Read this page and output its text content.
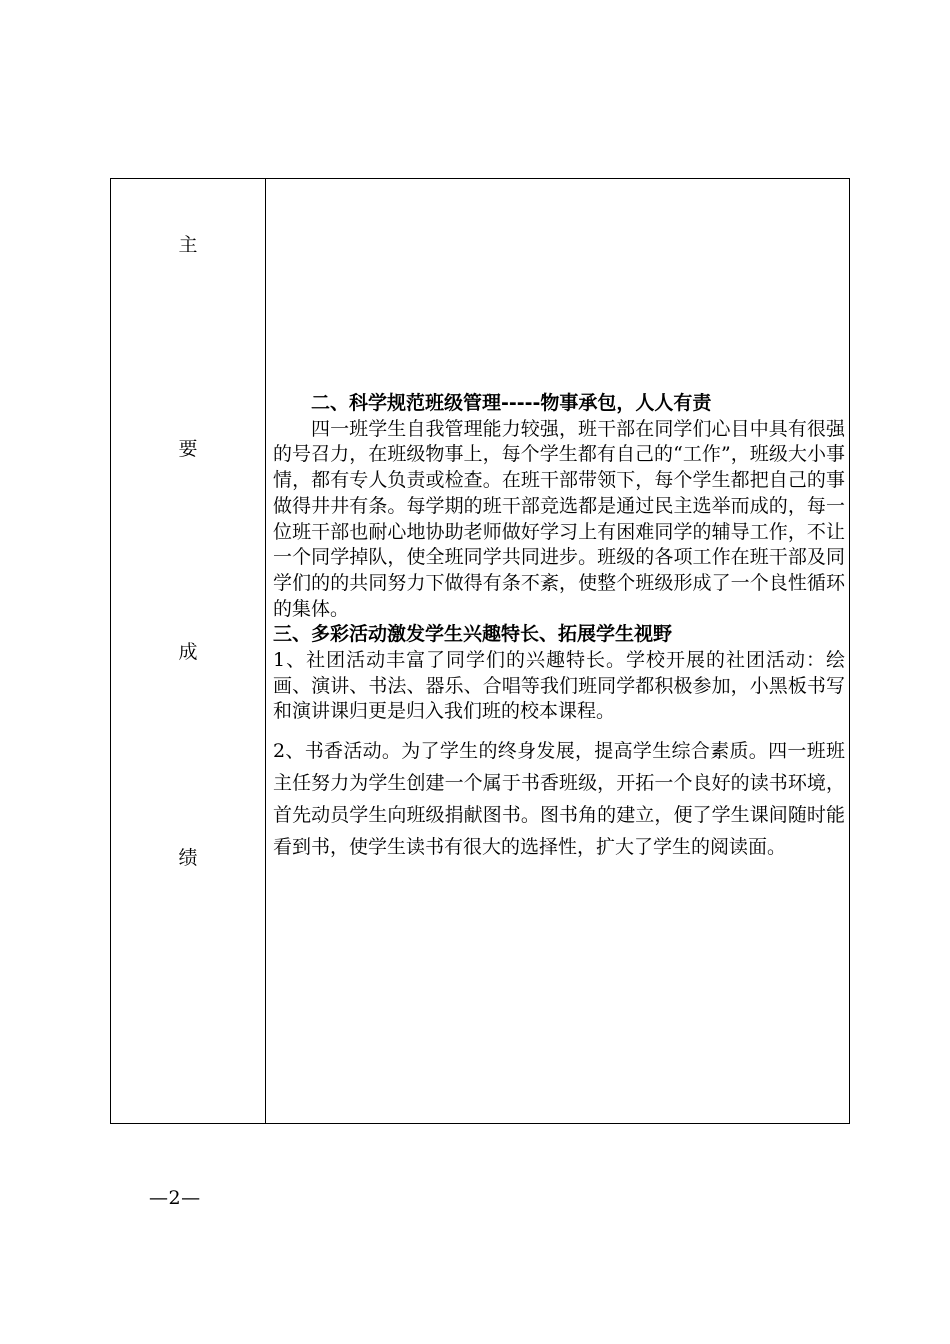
主
要
成
绩

二、科学规范班级管理-----物事承包，人人有责

四一班学生自我管理能力较强，班干部在同学们心目中具有很强的号召力，在班级物事上，每个学生都有自己的“工作”，班级大小事情，都有专人负责或检查。在班干部带领下，每个学生都把自己的事做得井井有条。每学期的班干部竞选都是通过民主选举而成的，每一位班干部也耐心地协助老师做好学习上有困难同学的辅导工作，不让一个同学掉队，使全班同学共同进步。班级的各项工作在班干部及同学们的的共同努力下做得有条不紊，使整个班级形成了一个良性循环的集体。

三、多彩活动激发学生兴趣特长、拓展学生视野

1、社团活动丰富了同学们的兴趣特长。学校开展的社团活动：绘画、演讲、书法、器乐、合唱等我们班同学都积极参加，小黑板书写和演讲课归更是归入我们班的校本课程。

2、书香活动。为了学生的终身发展，提高学生综合素质。四一班班主任努力为学生创建一个属于书香班级，开拓一个良好的读书环境，首先动员学生向班级捐献图书。图书角的建立，便了学生课间随时能看到书，使学生读书有很大的选择性，扩大了学生的阅读面。

—2—
